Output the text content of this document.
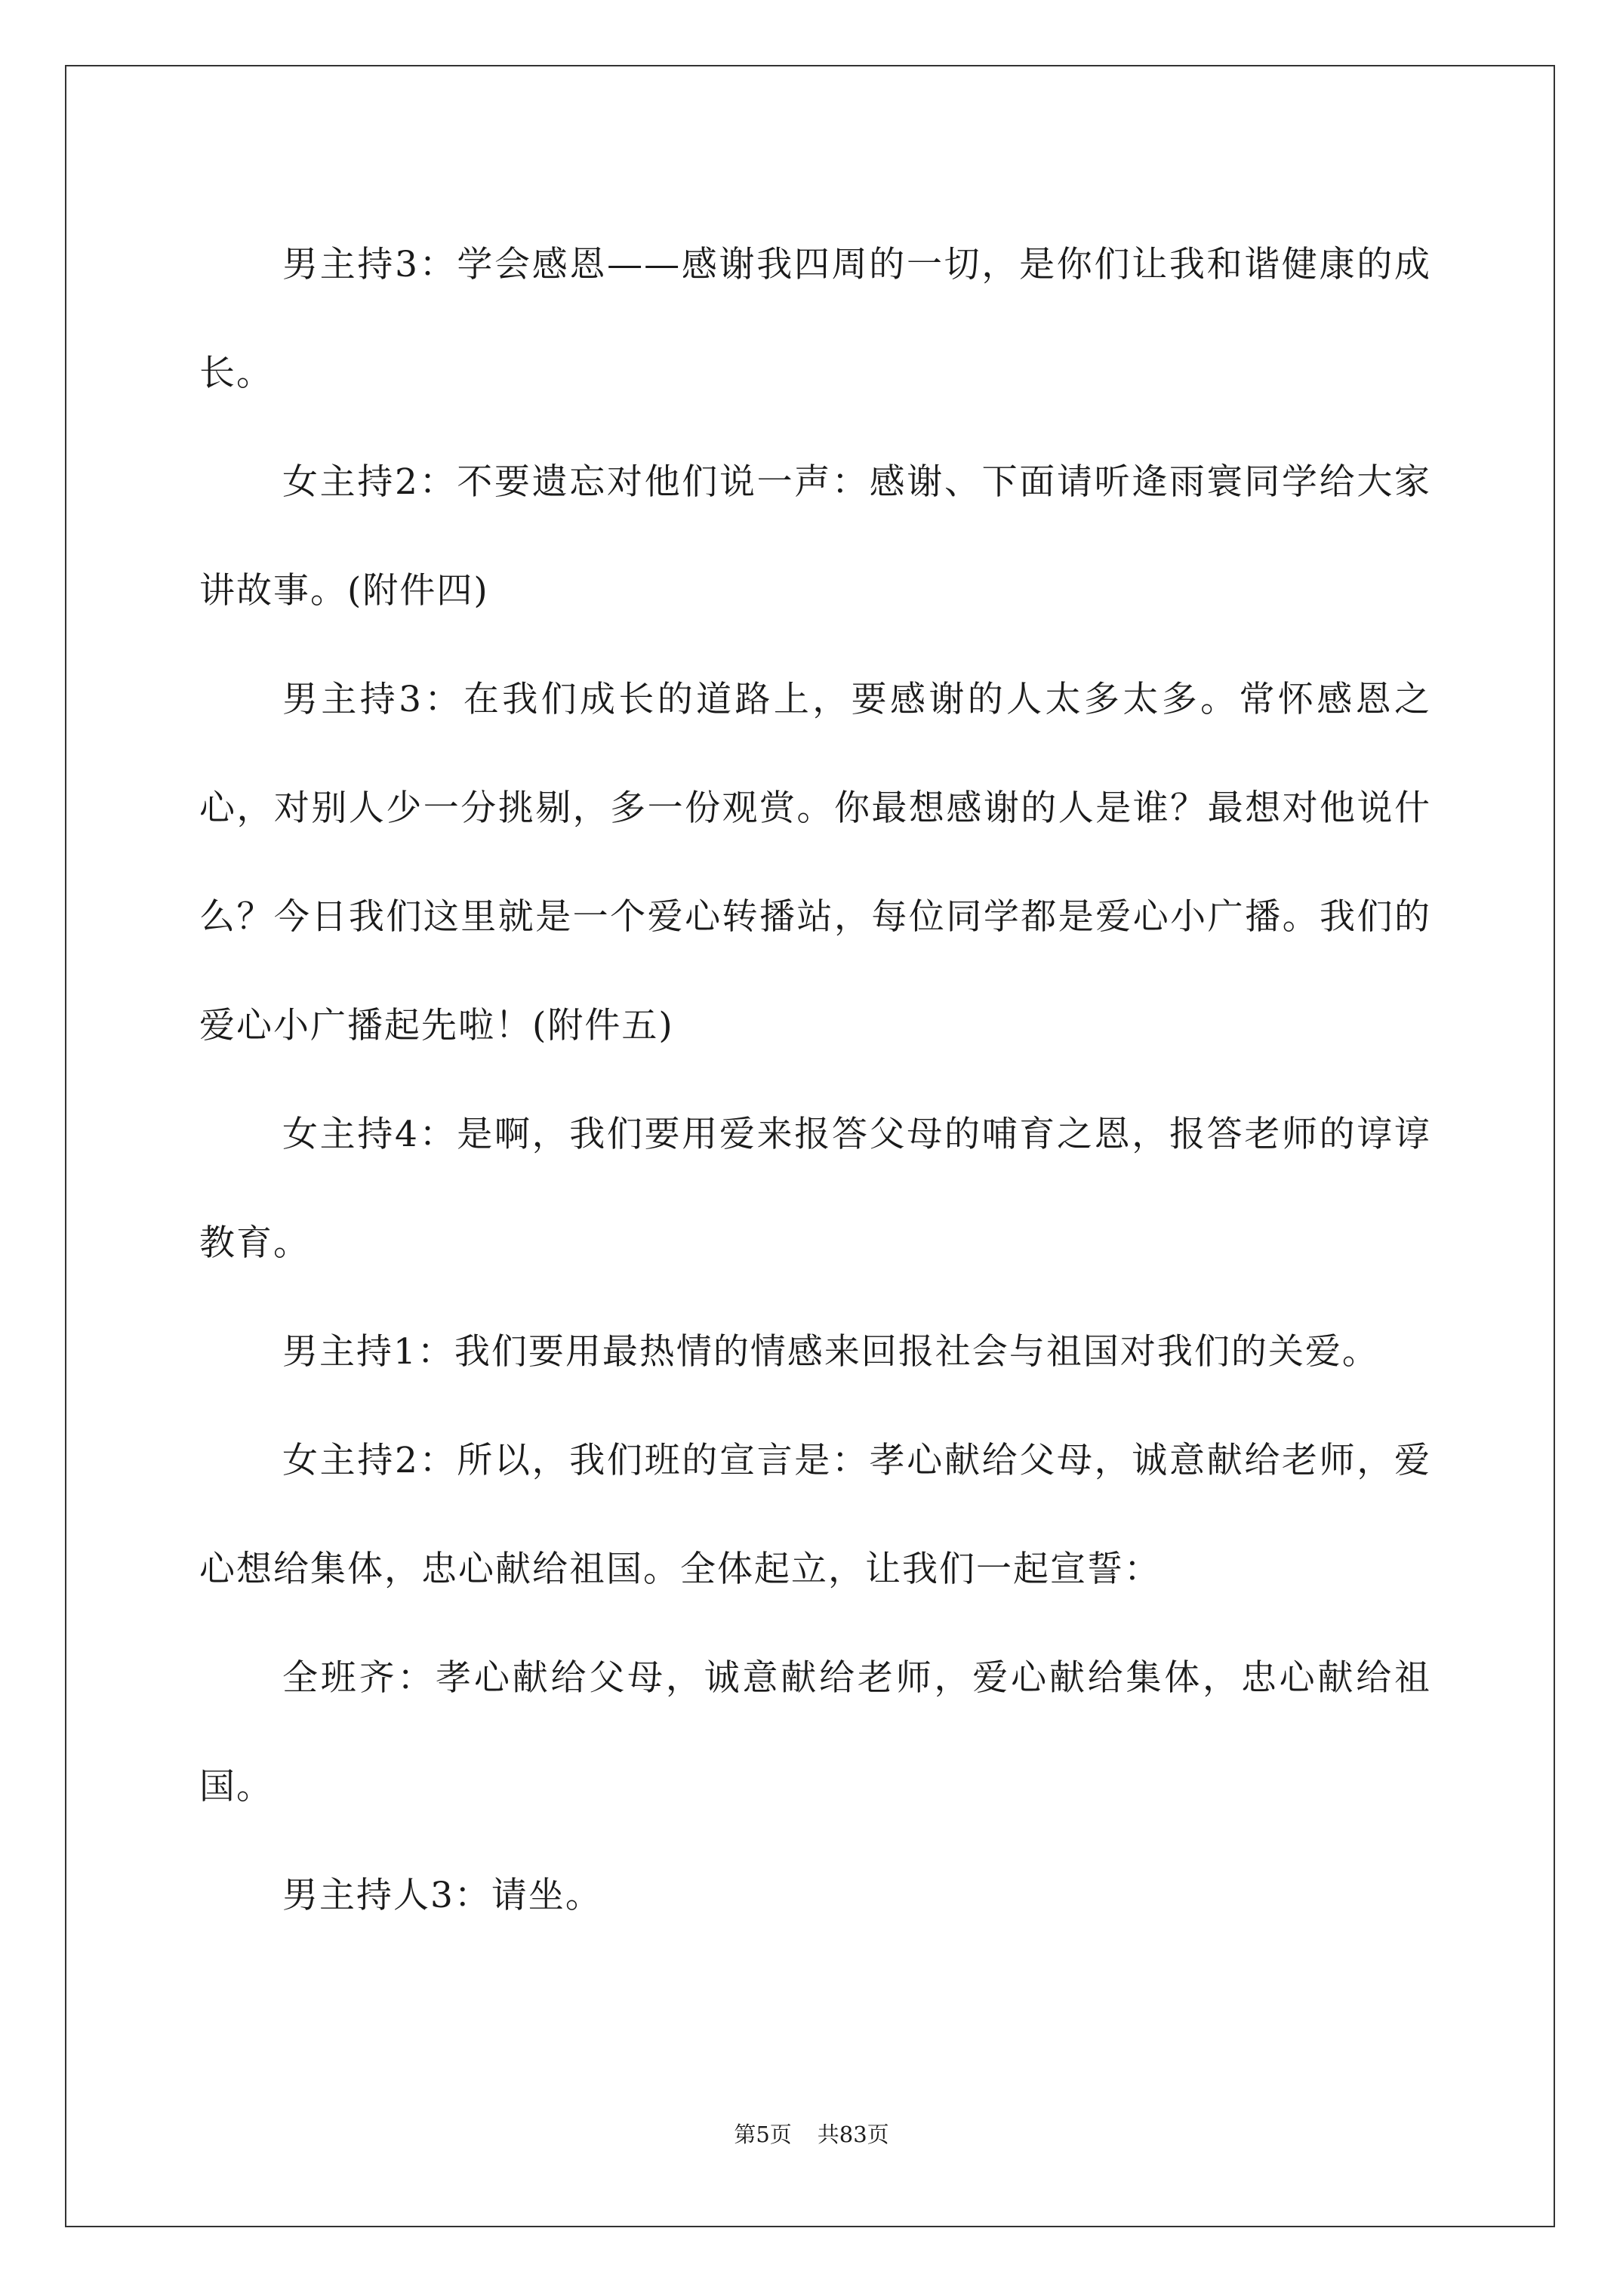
男主持3：学会感恩——感谢我四周的一切，是你们让我和谐健康的成长。

女主持2：不要遗忘对他们说一声：感谢、下面请听逄雨寰同学给大家讲故事。(附件四)

男主持3：在我们成长的道路上，要感谢的人太多太多。常怀感恩之心，对别人少一分挑剔，多一份观赏。你最想感谢的人是谁？最想对他说什么？今日我们这里就是一个爱心转播站，每位同学都是爱心小广播。我们的爱心小广播起先啦！(附件五)

女主持4：是啊，我们要用爱来报答父母的哺育之恩，报答老师的谆谆教育。

男主持1：我们要用最热情的情感来回报社会与祖国对我们的关爱。

女主持2：所以，我们班的宣言是：孝心献给父母，诚意献给老师，爱心想给集体，忠心献给祖国。全体起立，让我们一起宣誓：

全班齐：孝心献给父母，诚意献给老师，爱心献给集体，忠心献给祖国。

男主持人3：请坐。

第5页 共83页
